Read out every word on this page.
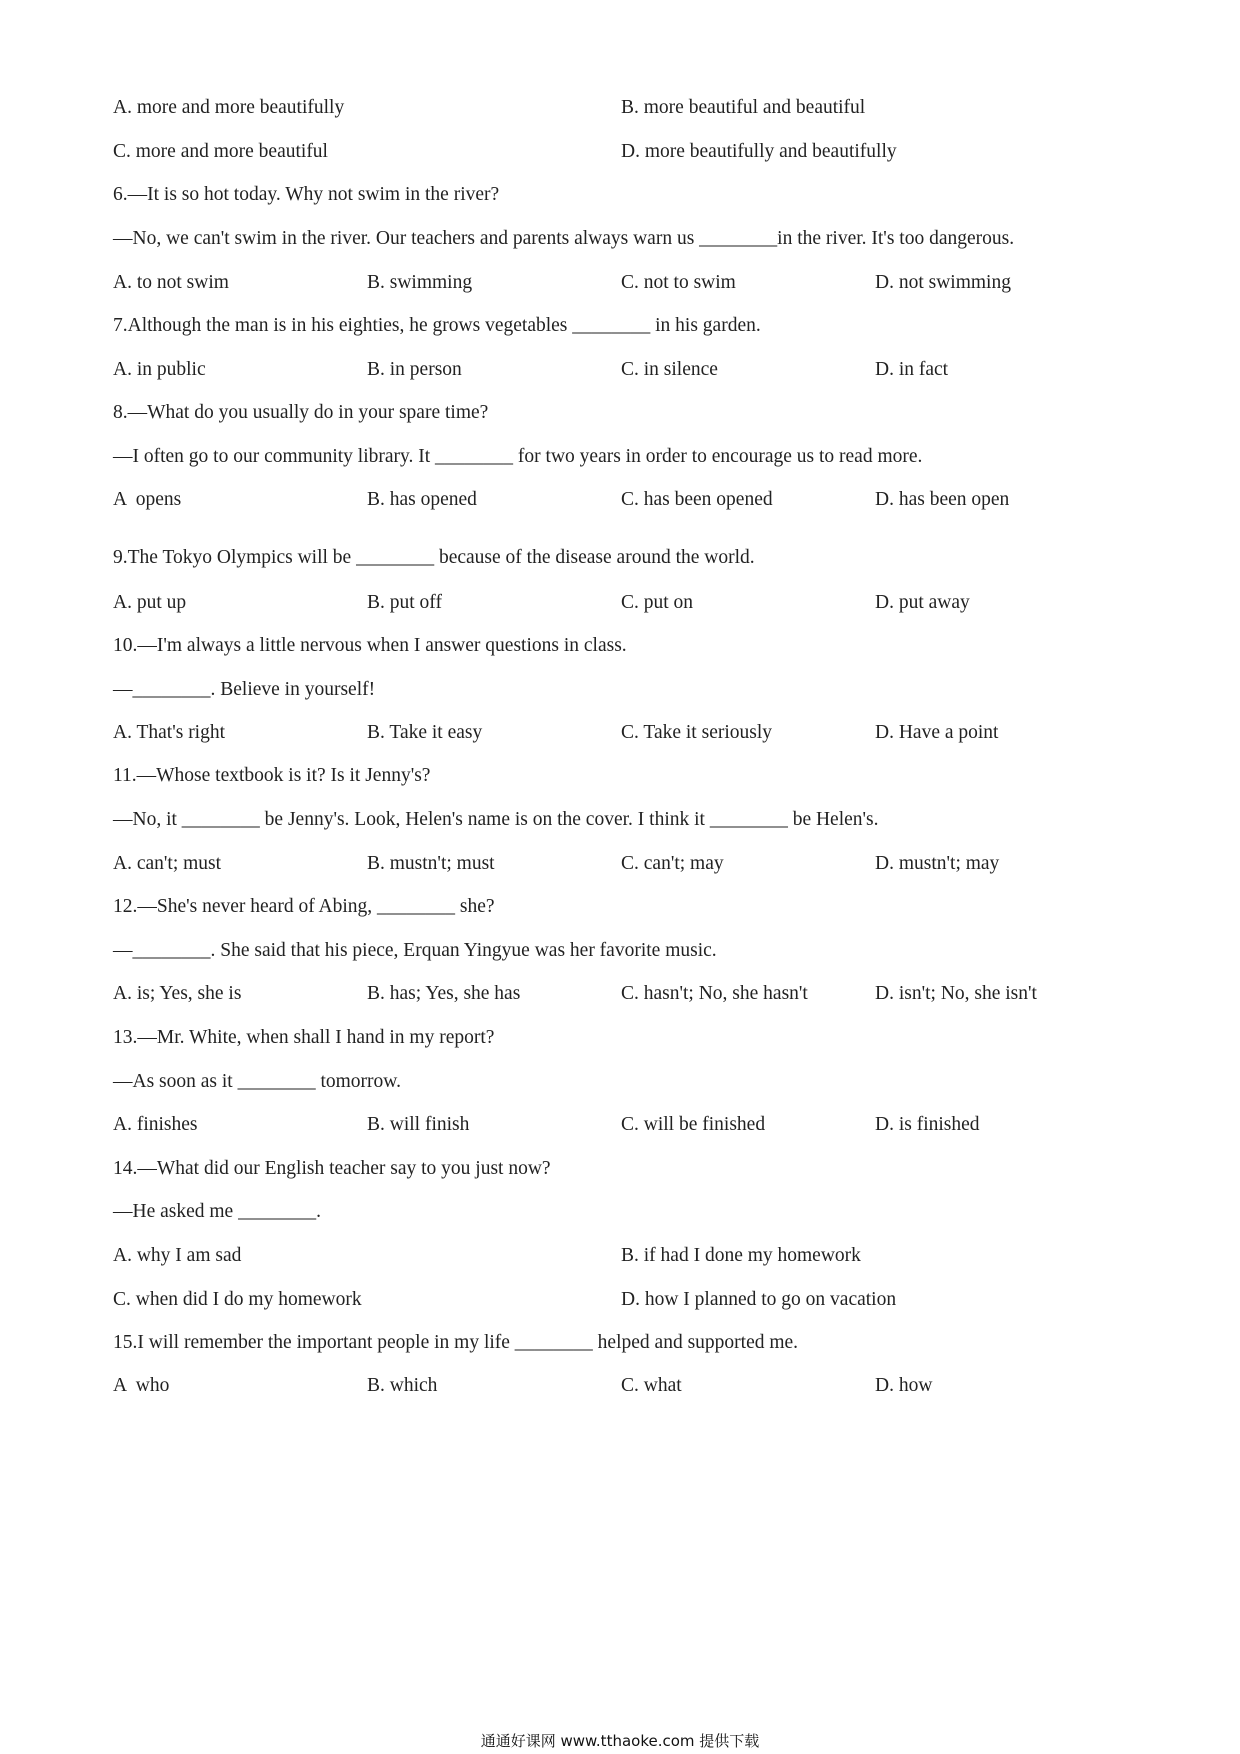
A. more and more beautifully	B. more beautiful and beautiful
C. more and more beautiful	D. more beautifully and beautifully
6.—It is so hot today. Why not swim in the river?
—No, we can't swim in the river. Our teachers and parents always warn us ________in the river. It's too dangerous.
A. to not swim	B. swimming	C. not to swim	D. not swimming
7.Although the man is in his eighties, he grows vegetables ________ in his garden.
A. in public	B. in person	C. in silence	D. in fact
8.—What do you usually do in your spare time?
—I often go to our community library. It ________ for two years in order to encourage us to read more.
A  opens	B. has opened	C. has been opened	D. has been open
9.The Tokyo Olympics will be ________ because of the disease around the world.
A. put up	B. put off	C. put on	D. put away
10.—I'm always a little nervous when I answer questions in class.
—________. Believe in yourself!
A. That's right	B. Take it easy	C. Take it seriously	D. Have a point
11.—Whose textbook is it? Is it Jenny's?
—No, it ________ be Jenny's. Look, Helen's name is on the cover. I think it ________ be Helen's.
A. can't; must	B. mustn't; must	C. can't; may	D. mustn't; may
12.—She's never heard of Abing, ________ she?
—________. She said that his piece, Erquan Yingyue was her favorite music.
A. is; Yes, she is	B. has; Yes, she has	C. hasn't; No, she hasn't	D. isn't; No, she isn't
13.—Mr. White, when shall I hand in my report?
—As soon as it ________ tomorrow.
A. finishes	B. will finish	C. will be finished	D. is finished
14.—What did our English teacher say to you just now?
—He asked me ________.
A. why I am sad	B. if had I done my homework
C. when did I do my homework	D. how I planned to go on vacation
15.I will remember the important people in my life ________ helped and supported me.
A  who	B. which	C. what	D. how
通通好课网 www.tthaoke.com 提供下载
